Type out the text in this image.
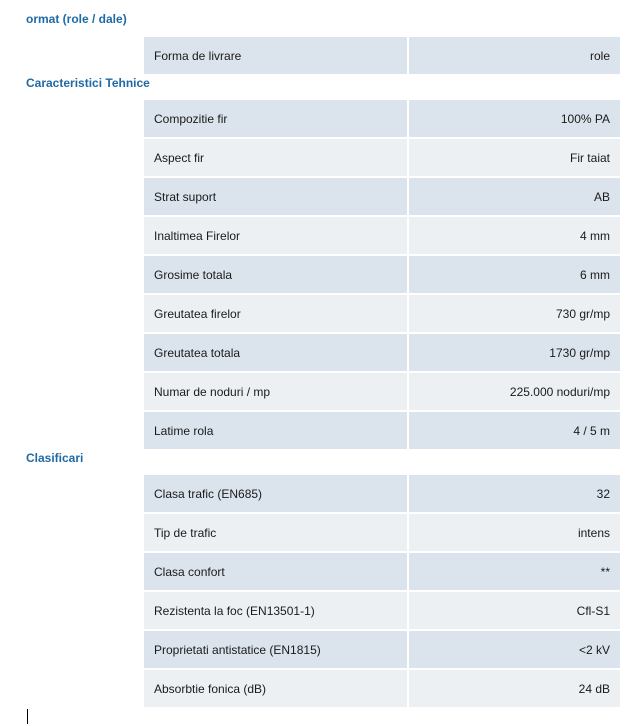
ormat (role / dale)
Forma de livrare	role
Caracteristici Tehnice
Compozitie fir	100% PA
Aspect fir	Fir taiat
Strat suport	AB
Inaltimea Firelor	4 mm
Grosime totala	6 mm
Greutatea firelor	730 gr/mp
Greutatea totala	1730 gr/mp
Numar de noduri / mp	225.000 noduri/mp
Latime rola	4 / 5 m
Clasificari
Clasa trafic (EN685)	32
Tip de trafic	intens
Clasa confort	**
Rezistenta la foc (EN13501-1)	Cfl-S1
Proprietati antistatice (EN1815)	<2 kV
Absorbtie fonica (dB)	24 dB
